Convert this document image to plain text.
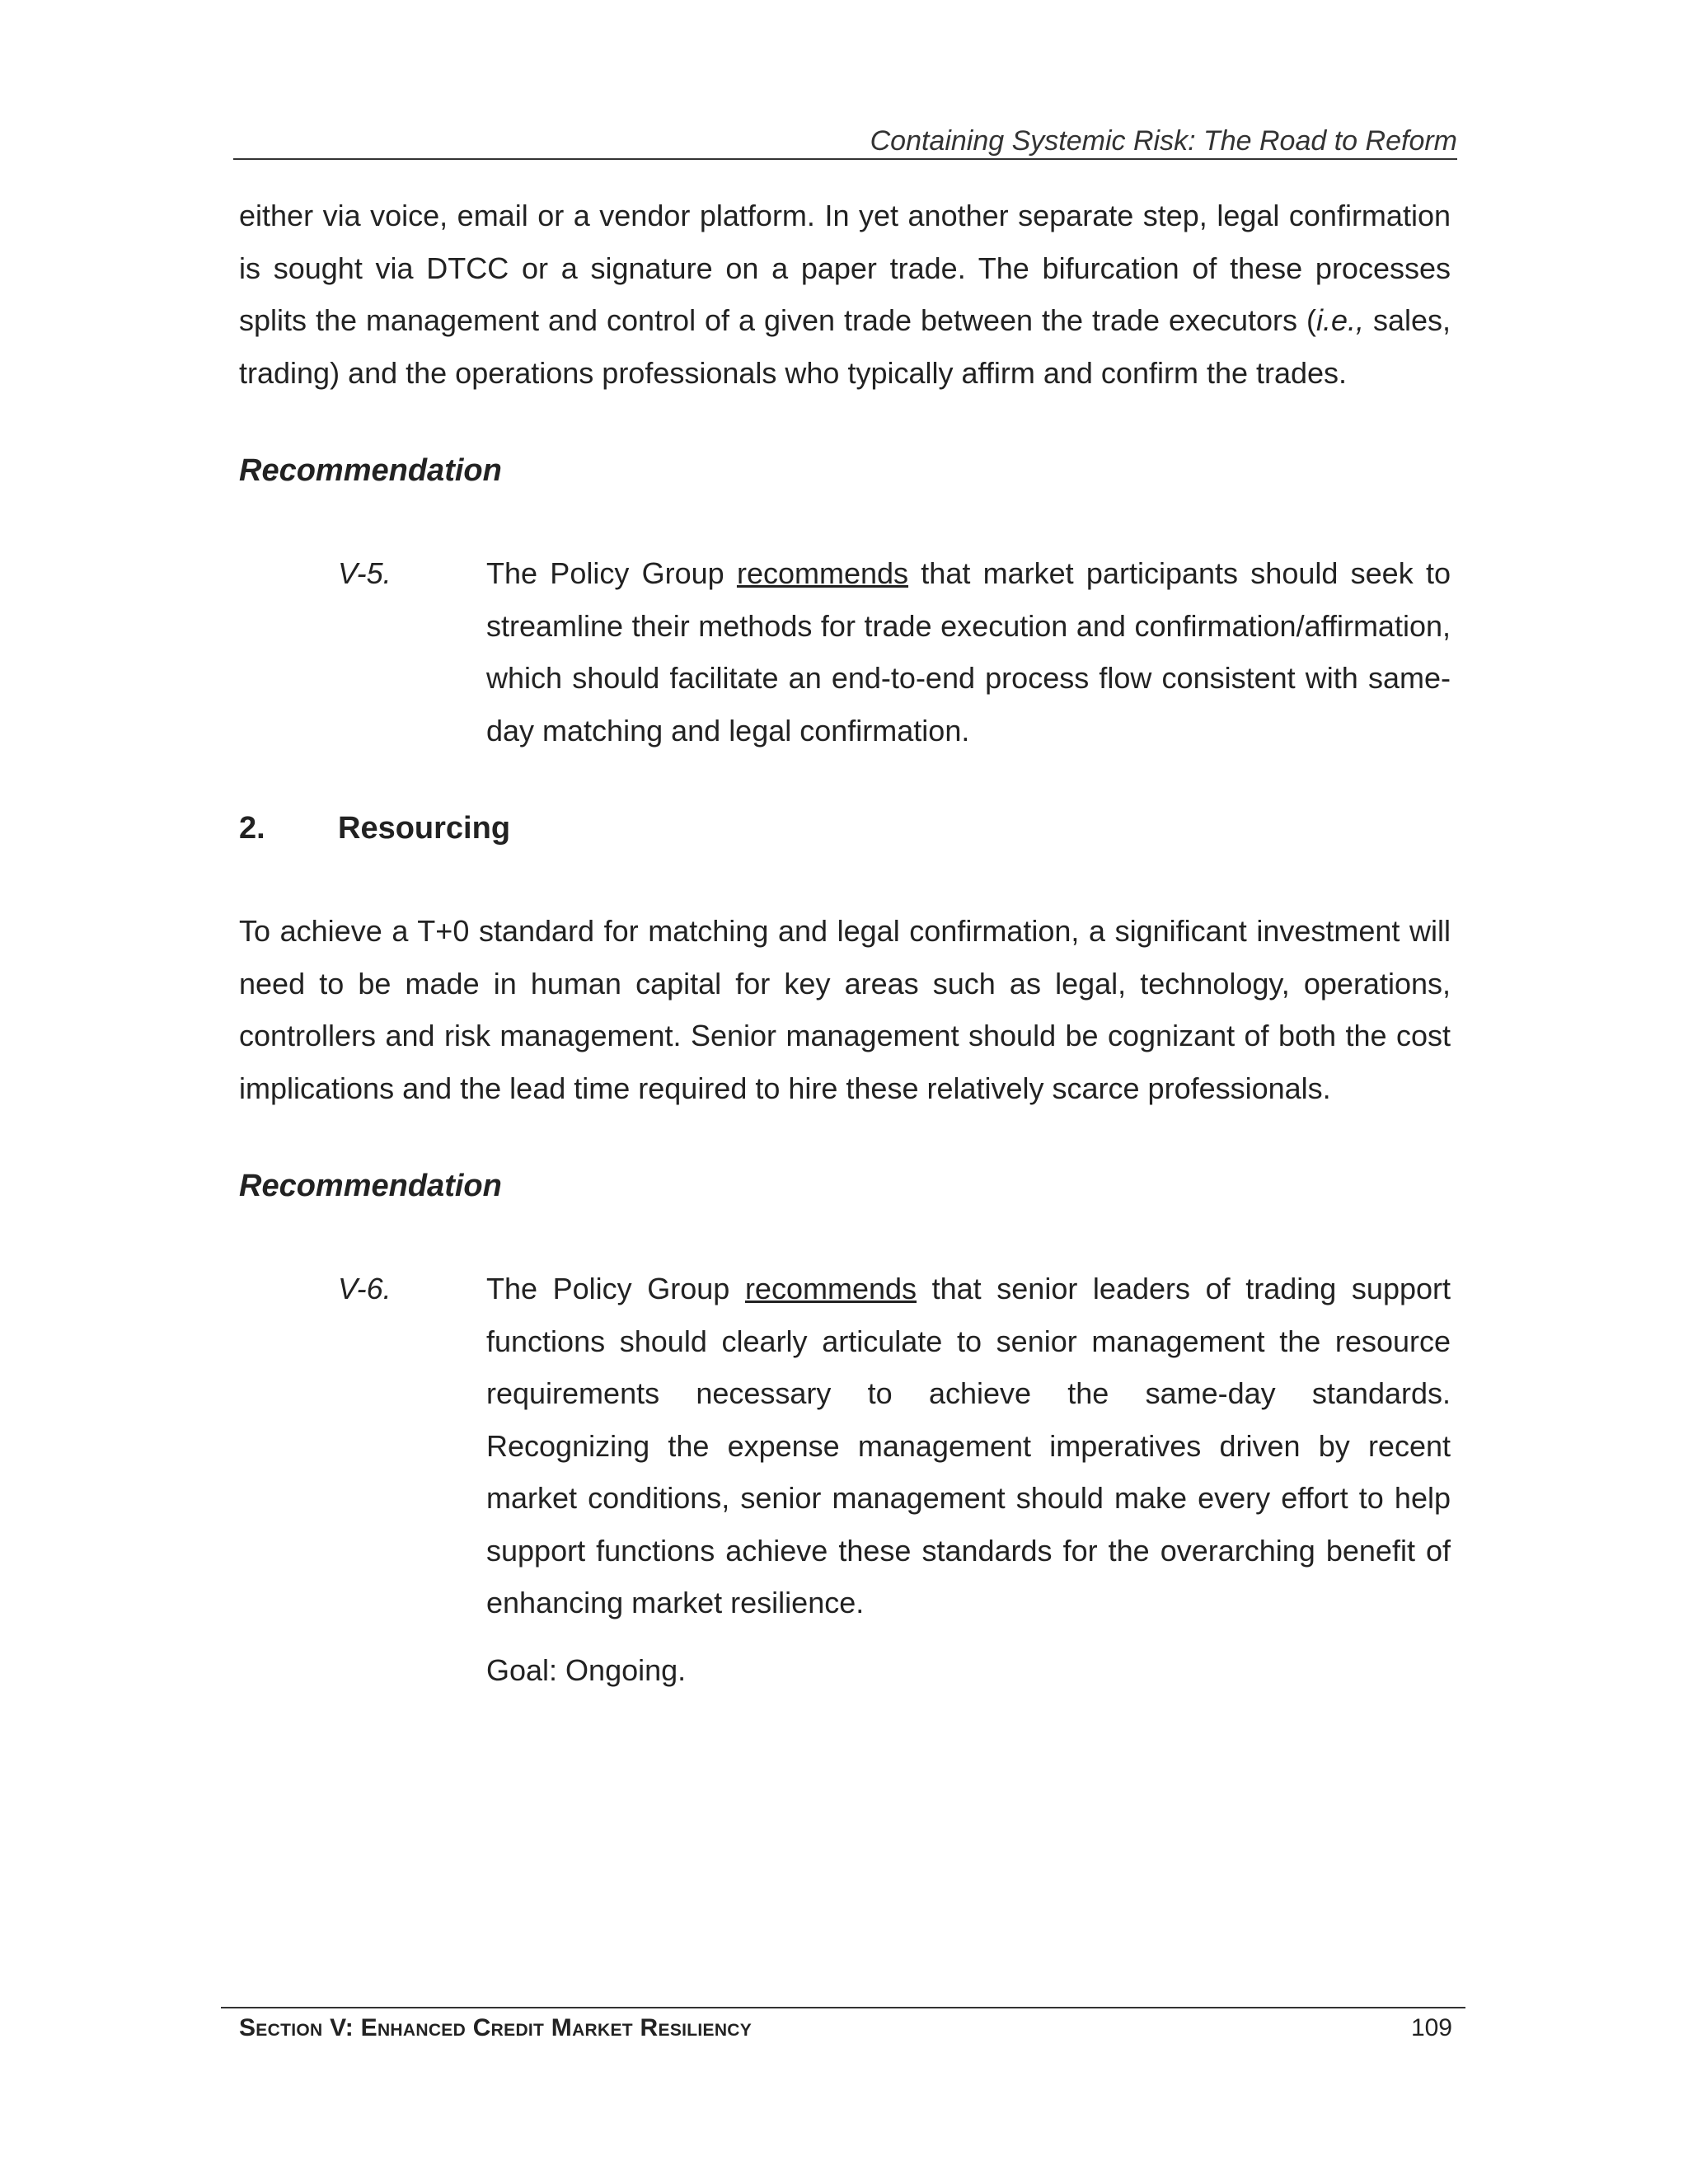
Containing Systemic Risk: The Road to Reform

either via voice, email or a vendor platform. In yet another separate step, legal confirmation is sought via DTCC or a signature on a paper trade. The bifurcation of these processes splits the management and control of a given trade between the trade executors (i.e., sales, trading) and the operations professionals who typically affirm and confirm the trades.

Recommendation

V-5.	The Policy Group recommends that market participants should seek to streamline their methods for trade execution and confirmation/affirmation, which should facilitate an end-to-end process flow consistent with same-day matching and legal confirmation.

2.	Resourcing

To achieve a T+0 standard for matching and legal confirmation, a significant investment will need to be made in human capital for key areas such as legal, technology, operations, controllers and risk management. Senior management should be cognizant of both the cost implications and the lead time required to hire these relatively scarce professionals.

Recommendation

V-6.	The Policy Group recommends that senior leaders of trading support functions should clearly articulate to senior management the resource requirements necessary to achieve the same-day standards. Recognizing the expense management imperatives driven by recent market conditions, senior management should make every effort to help support functions achieve these standards for the overarching benefit of enhancing market resilience.

Goal: Ongoing.

Section V: Enhanced Credit Market Resiliency	109
